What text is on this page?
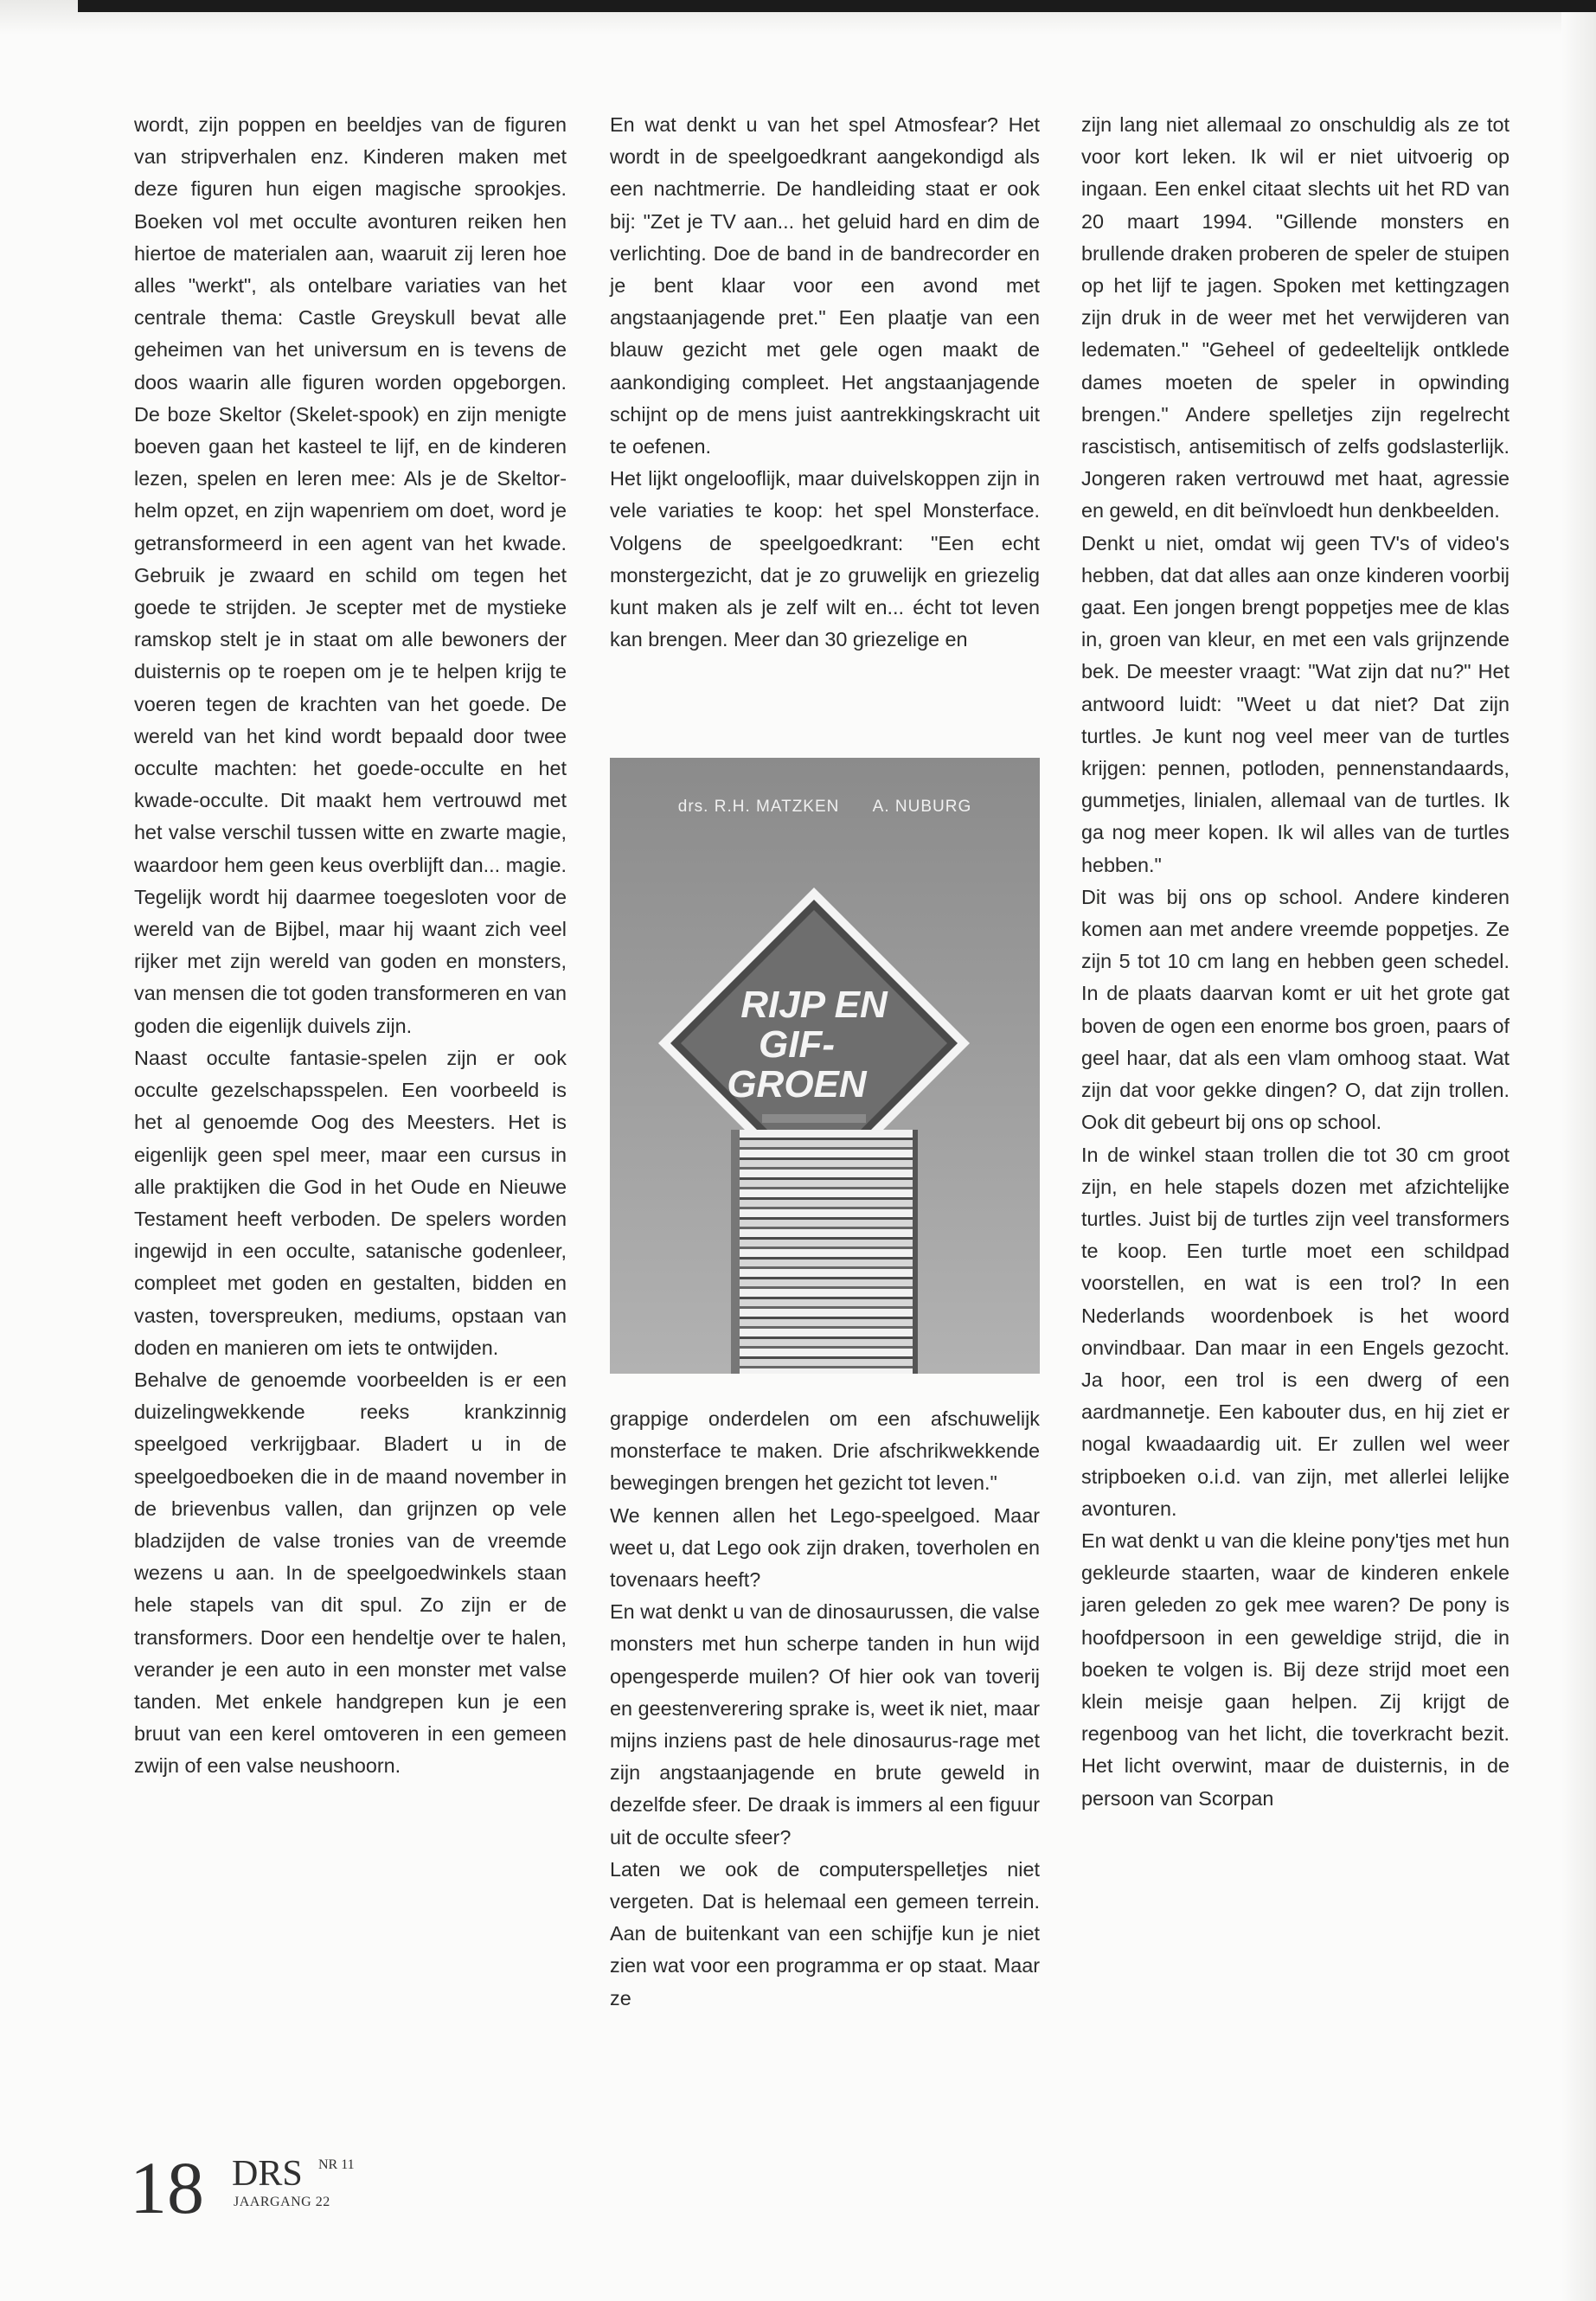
wordt, zijn poppen en beeldjes van de figuren van stripverhalen enz. Kinderen maken met deze figuren hun eigen magische sprookjes. Boeken vol met occulte avonturen reiken hen hiertoe de materialen aan, waaruit zij leren hoe alles "werkt", als ontelbare variaties van het centrale thema: Castle Greyskull bevat alle geheimen van het universum en is tevens de doos waarin alle figuren worden opgeborgen. De boze Skeltor (Skelet-spook) en zijn menigte boeven gaan het kasteel te lijf, en de kinderen lezen, spelen en leren mee: Als je de Skeltor-helm opzet, en zijn wapenriem om doet, word je getransformeerd in een agent van het kwade. Gebruik je zwaard en schild om tegen het goede te strijden. Je scepter met de mystieke ramskop stelt je in staat om alle bewoners der duisternis op te roepen om je te helpen krijg te voeren tegen de krachten van het goede. De wereld van het kind wordt bepaald door twee occulte machten: het goede-occulte en het kwade-occulte. Dit maakt hem vertrouwd met het valse verschil tussen witte en zwarte magie, waardoor hem geen keus overblijft dan... magie. Tegelijk wordt hij daarmee toegesloten voor de wereld van de Bijbel, maar hij waant zich veel rijker met zijn wereld van goden en monsters, van mensen die tot goden transformeren en van goden die eigenlijk duivels zijn.

Naast occulte fantasie-spelen zijn er ook occulte gezelschapsspelen. Een voorbeeld is het al genoemde Oog des Meesters. Het is eigenlijk geen spel meer, maar een cursus in alle praktijken die God in het Oude en Nieuwe Testament heeft verboden. De spelers worden ingewijd in een occulte, satanische godenleer, compleet met goden en gestalten, bidden en vasten, toverspreuken, mediums, opstaan van doden en manieren om iets te ontwijden.

Behalve de genoemde voorbeelden is er een duizelingwekkende reeks krankzinnig speelgoed verkrijgbaar. Bladert u in de speelgoedboeken die in de maand november in de brievenbus vallen, dan grijnzen op vele bladzijden de valse tronies van de vreemde wezens u aan. In de speelgoedwinkels staan hele stapels van dit spul. Zo zijn er de transformers. Door een hendeltje over te halen, verander je een auto in een monster met valse tanden. Met enkele handgrepen kun je een bruut van een kerel omtoveren in een gemeen zwijn of een valse neushoorn.

En wat denkt u van het spel Atmosfear? Het wordt in de speelgoedkrant aangekondigd als een nachtmerrie. De handleiding staat er ook bij: "Zet je TV aan... het geluid hard en dim de verlichting. Doe de band in de bandrecorder en je bent klaar voor een avond met angstaanjagende pret." Een plaatje van een blauw gezicht met gele ogen maakt de aankondiging compleet. Het angstaanjagende schijnt op de mens juist aantrekkingskracht uit te oefenen.

Het lijkt ongelooflijk, maar duivelskoppen zijn in vele variaties te koop: het spel Monsterface. Volgens de speelgoedkrant: "Een echt monstergezicht, dat je zo gruwelijk en griezelig kunt maken als je zelf wilt en... écht tot leven kan brengen. Meer dan 30 griezelige en

drs. R.H. MATZKEN A. NUBURG
RIJP EN
GIF-
GROEN

grappige onderdelen om een afschuwelijk monsterface te maken. Drie afschrikwekkende bewegingen brengen het gezicht tot leven."

We kennen allen het Lego-speelgoed. Maar weet u, dat Lego ook zijn draken, toverholen en tovenaars heeft?

En wat denkt u van de dinosaurussen, die valse monsters met hun scherpe tanden in hun wijd opengesperde muilen? Of hier ook van toverij en geestenverering sprake is, weet ik niet, maar mijns inziens past de hele dinosaurus-rage met zijn angstaanjagende en brute geweld in dezelfde sfeer. De draak is immers al een figuur uit de occulte sfeer?

Laten we ook de computerspelletjes niet vergeten. Dat is helemaal een gemeen terrein. Aan de buitenkant van een schijfje kun je niet zien wat voor een programma er op staat. Maar ze

zijn lang niet allemaal zo onschuldig als ze tot voor kort leken. Ik wil er niet uitvoerig op ingaan. Een enkel citaat slechts uit het RD van 20 maart 1994. "Gillende monsters en brullende draken proberen de speler de stuipen op het lijf te jagen. Spoken met kettingzagen zijn druk in de weer met het verwijderen van ledematen." "Geheel of gedeeltelijk ontklede dames moeten de speler in opwinding brengen." Andere spelletjes zijn regelrecht rascistisch, antisemitisch of zelfs godslasterlijk. Jongeren raken vertrouwd met haat, agressie en geweld, en dit beïnvloedt hun denkbeelden.

Denkt u niet, omdat wij geen TV's of video's hebben, dat dat alles aan onze kinderen voorbij gaat. Een jongen brengt poppetjes mee de klas in, groen van kleur, en met een vals grijnzende bek. De meester vraagt: "Wat zijn dat nu?" Het antwoord luidt: "Weet u dat niet? Dat zijn turtles. Je kunt nog veel meer van de turtles krijgen: pennen, potloden, pennenstandaards, gummetjes, linialen, allemaal van de turtles. Ik ga nog meer kopen. Ik wil alles van de turtles hebben."

Dit was bij ons op school. Andere kinderen komen aan met andere vreemde poppetjes. Ze zijn 5 tot 10 cm lang en hebben geen schedel. In de plaats daarvan komt er uit het grote gat boven de ogen een enorme bos groen, paars of geel haar, dat als een vlam omhoog staat. Wat zijn dat voor gekke dingen? O, dat zijn trollen. Ook dit gebeurt bij ons op school.

In de winkel staan trollen die tot 30 cm groot zijn, en hele stapels dozen met afzichtelijke turtles. Juist bij de turtles zijn veel transformers te koop. Een turtle moet een schildpad voorstellen, en wat is een trol? In een Nederlands woordenboek is het woord onvindbaar. Dan maar in een Engels gezocht. Ja hoor, een trol is een dwerg of een aardmannetje. Een kabouter dus, en hij ziet er nogal kwaadaardig uit. Er zullen wel weer stripboeken o.i.d. van zijn, met allerlei lelijke avonturen.

En wat denkt u van die kleine pony'tjes met hun gekleurde staarten, waar de kinderen enkele jaren geleden zo gek mee waren? De pony is hoofdpersoon in een geweldige strijd, die in boeken te volgen is. Bij deze strijd moet een klein meisje gaan helpen. Zij krijgt de regenboog van het licht, die toverkracht bezit. Het licht overwint, maar de duisternis, in de persoon van Scorpan

18 DRS NR 11
JAARGANG 22
